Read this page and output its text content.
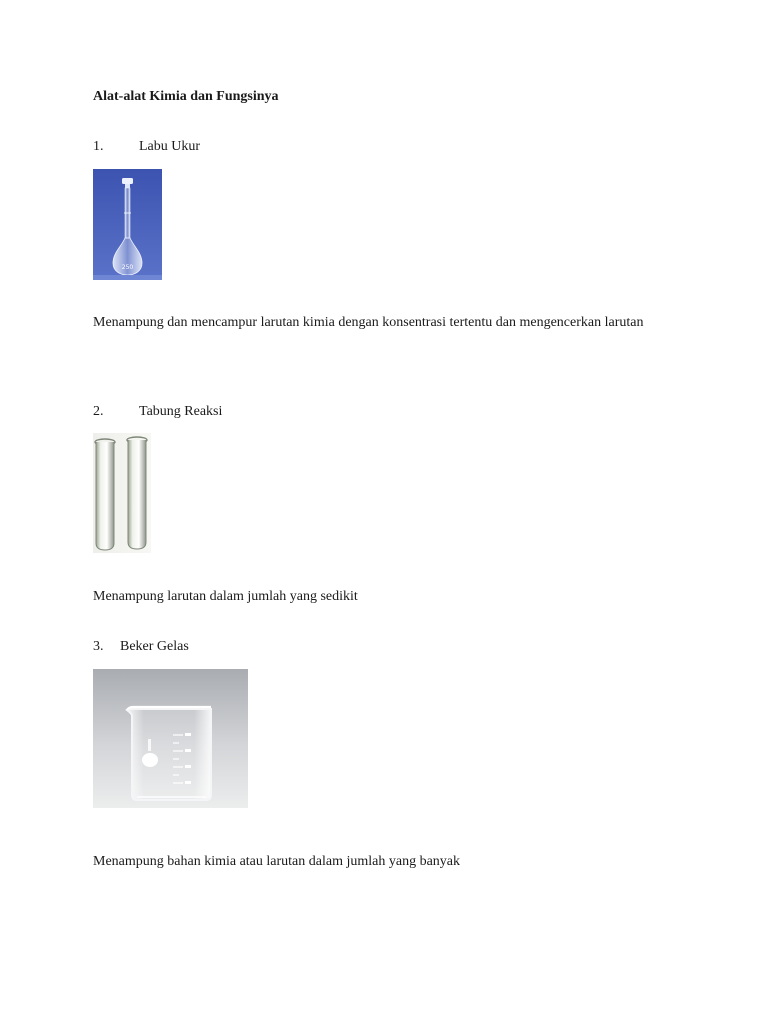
Alat-alat Kimia dan Fungsinya
1.	Labu Ukur
250
Menampung dan mencampur larutan kimia dengan konsentrasi tertentu dan mengencerkan larutan
2.	Tabung Reaksi
Menampung larutan dalam jumlah yang sedikit
3. Beker Gelas
Menampung bahan kimia atau larutan dalam jumlah yang banyak
